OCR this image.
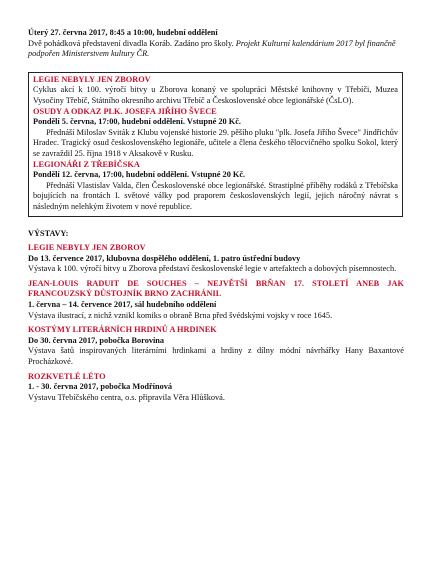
Úterý 27. června 2017, 8:45 a 10:00, hudební oddělení

Dvě pohádková představení divadla Koráb. Zadáno pro školy. Projekt Kulturní kalendárium 2017 byl finančně podpořen Ministerstvem kultury ČR.

LEGIE NEBYLY JEN ZBOROV

Cyklus akcí k 100. výročí bitvy u Zborova konaný ve spolupráci Městské knihovny v Třebíči, Muzea Vysočiny Třebíč, Státního okresního archivu Třebíč a Československé obce legionářské (ČsLO).

OSUDY A ODKAZ PLK. JOSEFA JIŘÍHO ŠVECE

Pondělí 5. června, 17:00, hudební oddělení. Vstupné 20 Kč.

Přednáší Miloslav Sviták z Klubu vojenské historie 29. pěšího pluku "plk. Josefa Jiřího Švece" Jindřichův Hradec. Tragický osud československého legionáře, učitele a člena českého tělocvičného spolku Sokol, který se zavraždil 25. října 1918 v Aksakově v Rusku.

LEGIONÁŘI Z TŘEBÍČSKA

Pondělí 12. června, 17:00, hudební oddělení. Vstupné 20 Kč.

Přednáší Vlastislav Valda, člen Československé obce legionářské. Strastiplné příběhy rodáků z Třebíčska bojujících na frontách I. světové války pod praporem československých legií, jejich náročný návrat s následným nelehkým životem v nové republice.

VÝSTAVY:

LEGIE NEBYLY JEN ZBOROV

Do 13. července 2017, klubovna dospělého oddělení, 1. patro ústřední budovy

Výstava k 100. výročí bitvy u Zborova představí československé legie v artefaktech a dobových písemnostech.

JEAN-LOUIS RADUIT DE SOUCHES – NEJVĚTŠÍ BRŇAN 17. STOLETÍ ANEB JAK FRANCOUZSKÝ DŮSTOJNÍK BRNO ZACHRÁNIL

1. června – 14. července 2017, sál hudebního oddělení

Výstava ilustrací, z nichž vznikl komiks o obraně Brna před švédskými vojsky v roce 1645.

KOSTÝMY LITERÁRNÍCH HRDINŮ A HRDINEK

Do 30. června 2017, pobočka Borovina

Výstava šatů inspirovaných literárními hrdinkami a hrdiny z dílny módní návrhářky Hany Baxantové Procházkové.

ROZKVETLÉ LÉTO

1. - 30. června 2017, pobočka Modřínová

Výstavu Třebíčského centra, o.s. připravila Věra Hlůšková.
